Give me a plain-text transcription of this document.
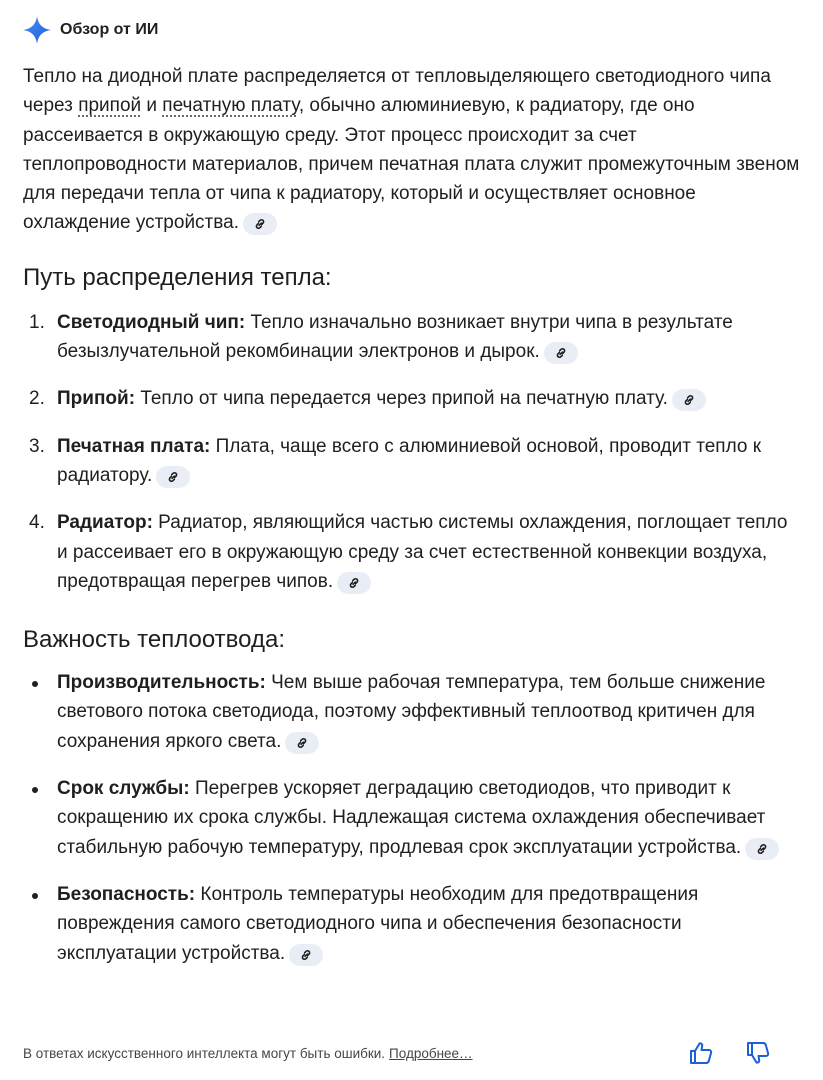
Обзор от ИИ

Тепло на диодной плате распределяется от тепловыделяющего светодиодного чипа через припой и печатную плату, обычно алюминиевую, к радиатору, где оно рассеивается в окружающую среду. Этот процесс происходит за счет теплопроводности материалов, причем печатная плата служит промежуточным звеном для передачи тепла от чипа к радиатору, который и осуществляет основное охлаждение устройства.

Путь распределения тепла:
1. Светодиодный чип: Тепло изначально возникает внутри чипа в результате безызлучательной рекомбинации электронов и дырок.
2. Припой: Тепло от чипа передается через припой на печатную плату.
3. Печатная плата: Плата, чаще всего с алюминиевой основой, проводит тепло к радиатору.
4. Радиатор: Радиатор, являющийся частью системы охлаждения, поглощает тепло и рассеивает его в окружающую среду за счет естественной конвекции воздуха, предотвращая перегрев чипов.
Важность теплоотвода:
Производительность: Чем выше рабочая температура, тем больше снижение светового потока светодиода, поэтому эффективный теплоотвод критичен для сохранения яркого света.
Срок службы: Перегрев ускоряет деградацию светодиодов, что приводит к сокращению их срока службы. Надлежащая система охлаждения обеспечивает стабильную рабочую температуру, продлевая срок эксплуатации устройства.
Безопасность: Контроль температуры необходим для предотвращения повреждения самого светодиодного чипа и обеспечения безопасности эксплуатации устройства.
В ответах искусственного интеллекта могут быть ошибки. Подробнее…
